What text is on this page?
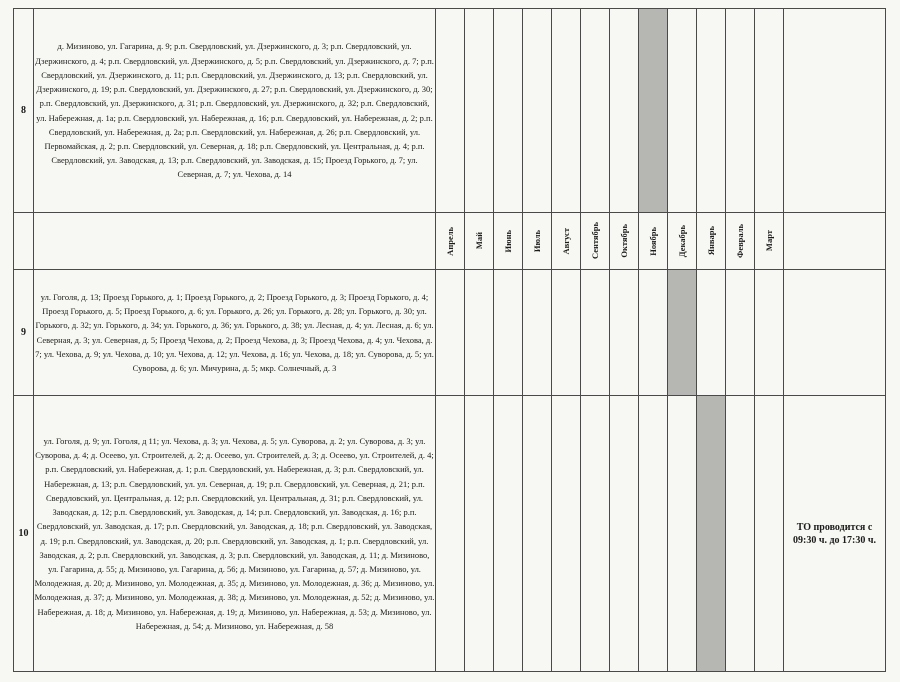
8	д. Мизиново, ул. Гагарина, д. 9; р.п. Свердловский, ул. Дзержинского, д. 3; р.п. Свердловский, ул. Дзержинского, д. 4; р.п. Свердловский, ул. Дзержинского, д. 5; р.п. Свердловский, ул. Дзержинского, д. 7; р.п. Свердловский, ул. Дзержинского, д. 11; р.п. Свердловский, ул. Дзержинского, д. 13; р.п. Свердловский, ул. Дзержинского, д. 19; р.п. Свердловский, ул. Дзержинского, д. 27; р.п. Свердловский, ул. Дзержинского, д. 30; р.п. Свердловский, ул. Дзержинского, д. 31; р.п. Свердловский, ул. Дзержинского, д. 32; р.п. Свердловский, ул. Набережная, д. 1а; р.п. Свердловский, ул. Набережная, д. 16; р.п. Свердловский, ул. Набережная, д. 2; р.п. Свердловский, ул. Набережная, д. 2а; р.п. Свердловский, ул. Набережная, д. 26; р.п. Свердловский, ул. Первомайская, д. 2; р.п. Свердловский, ул. Северная, д. 18; р.п. Свердловский, ул. Центральная, д. 4; р.п. Свердловский, ул. Заводская, д. 13; р.п. Свердловский, ул. Заводская, д. 15; Проезд Горького, д. 7; ул. Северная, д. 7; ул. Чехова, д. 14													

		Апрель	Май	Июнь	Июль	Август	Сентябрь	Октябрь	Ноябрь	Декабрь	Январь	Февраль	Март	

9	ул. Гоголя, д. 13; Проезд Горького, д. 1; Проезд Горького, д. 2; Проезд Горького, д. 3; Проезд Горького, д. 4; Проезд Горького, д. 5; Проезд Горького, д. 6; ул. Горького, д. 26; ул. Горького, д. 28; ул. Горького, д. 30; ул. Горького, д. 32; ул. Горького, д. 34; ул. Горького, д. 36; ул. Горького, д. 38; ул. Лесная, д. 4; ул. Лесная, д. 6; ул. Северная, д. 3; ул. Северная, д. 5; Проезд Чехова, д. 2; Проезд Чехова, д. 3; Проезд Чехова, д. 4; ул. Чехова, д. 7; ул. Чехова, д. 9; ул. Чехова, д. 10; ул. Чехова, д. 12; ул. Чехова, д. 16; ул. Чехова, д. 18; ул. Суворова, д. 5; ул. Суворова, д. 6; ул. Мичурина, д. 5; мкр. Солнечный, д. 3													
10	ул. Гоголя, д. 9; ул. Гоголя, д 11; ул. Чехова, д. 3; ул. Чехова, д. 5; ул. Суворова, д. 2; ул. Суворова, д. 3; ул. Суворова, д. 4; д. Осеево, ул. Строителей, д. 2; д. Осеево, ул. Строителей, д. 3; д. Осеево, ул. Строителей, д. 4; р.п. Свердловский, ул. Набережная, д. 1; р.п. Свердловский, ул. Набережная, д. 3; р.п. Свердловский, ул. Набережная, д. 13; р.п. Свердловский, ул. ул. Северная, д. 19; р.п. Свердловский, ул. Северная, д. 21; р.п. Свердловский, ул. Центральная, д. 12; р.п. Свердловский, ул. Центральная, д. 31; р.п. Свердловский, ул. Заводская, д. 12; р.п. Свердловский, ул. Заводская, д. 14; р.п. Свердловский, ул. Заводская, д. 16; р.п. Свердловский, ул. Заводская, д. 17; р.п. Свердловский, ул. Заводская, д. 18; р.п. Свердловский, ул. Заводская, д. 19; р.п. Свердловский, ул. Заводская, д. 20; р.п. Свердловский, ул. Заводская, д. 1; р.п. Свердловский, ул. Заводская, д. 2; р.п. Свердловский, ул. Заводская, д. 3; р.п. Свердловский, ул. Заводская, д. 11; д. Мизиново, ул. Гагарина, д. 55; д. Мизиново, ул. Гагарина, д. 56; д. Мизиново, ул. Гагарина, д. 57; д. Мизиново, ул. Молодежная, д. 20; д. Мизиново, ул. Молодежная, д. 35; д. Мизиново, ул. Молодежная, д. 36; д. Мизиново, ул. Молодежная, д. 37; д. Мизиново, ул. Молодежная, д. 38; д. Мизиново, ул. Молодежная, д. 52; д. Мизиново, ул. Набережная, д. 18; д. Мизиново, ул. Набережная, д. 19; д. Мизиново, ул. Набережная, д. 53; д. Мизиново, ул. Набережная, д. 54; д. Мизиново, ул. Набережная, д. 58													ТО проводится с 09:30 ч. до 17:30 ч.
